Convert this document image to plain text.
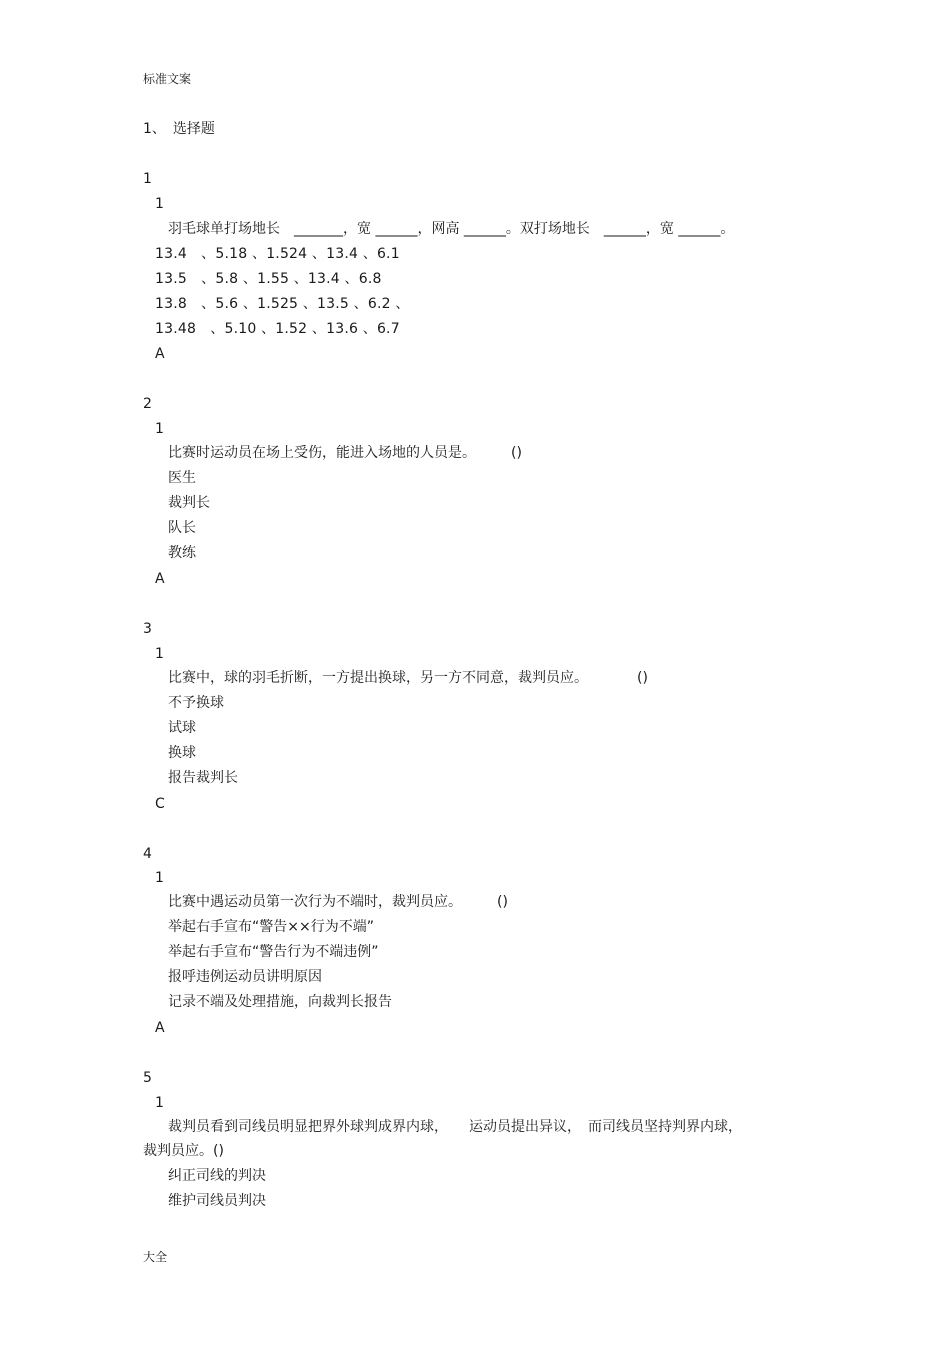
标准文案
1、　选择题
1
1
羽毛球单打场地长　_______，宽 ______，网高 ______。双打场地长　______，宽 ______。
13.4　、5.18 、1.524 、13.4 、6.1
13.5　、5.8 、1.55 、13.4 、6.8
13.8　、5.6 、1.525 、13.5 、6.2 、
13.48　、5.10 、1.52 、13.6 、6.7
A
2
1
比赛时运动员在场上受伤，能进入场地的人员是。　　　()
医生
裁判长
队长
教练
A
3
1
比赛中，球的羽毛折断，一方提出换球，另一方不同意，裁判员应。　　　　()
不予换球
试球
换球
报告裁判长
C
4
1
比赛中遇运动员第一次行为不端时，裁判员应。　　　()
举起右手宣布“警告××行为不端”
举起右手宣布“警告行为不端违例”
报呼违例运动员讲明原因
记录不端及处理措施，向裁判长报告
A
5
1
裁判员看到司线员明显把界外球判成界内球，　　运动员提出异议，　而司线员坚持判界内球，
裁判员应。()
纠正司线的判决
维护司线员判决
大全
